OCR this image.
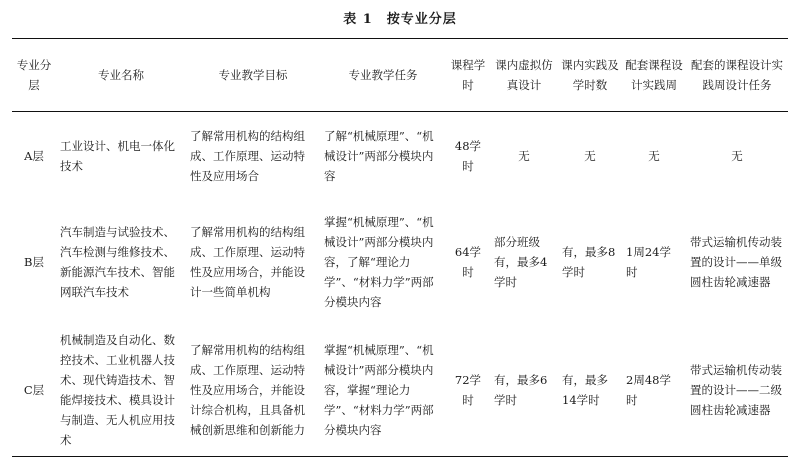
表 1　按专业分层
专业分层	专业名称	专业教学目标	专业教学任务	课程学时	课内虚拟仿真设计	课内实践及学时数	配套课程设计实践周	配套的课程设计实践周设计任务
A层	工业设计、机电一体化技术	了解常用机构的结构组成、工作原理、运动特性及应用场合	了解“机械原理”、“机械设计”两部分模块内容	48学时	无	无	无	无
B层	汽车制造与试验技术、汽车检测与维修技术、新能源汽车技术、智能网联汽车技术	了解常用机构的结构组成、工作原理、运动特性及应用场合，并能设计一些简单机构	掌握“机械原理”、“机械设计”两部分模块内容，了解“理论力学”、“材料力学”两部分模块内容	64学时	部分班级有，最多4学时	有，最多8学时	1周24学时	带式运输机传动装置的设计——单级圆柱齿轮减速器
C层	机械制造及自动化、数控技术、工业机器人技术、现代铸造技术、智能焊接技术、模具设计与制造、无人机应用技术	了解常用机构的结构组成、工作原理、运动特性及应用场合，并能设计综合机构，且具备机械创新思维和创新能力	掌握“机械原理”、“机械设计”两部分模块内容，掌握“理论力学”、“材料力学”两部分模块内容	72学时	有，最多6学时	有，最多14学时	2周48学时	带式运输机传动装置的设计——二级圆柱齿轮减速器
